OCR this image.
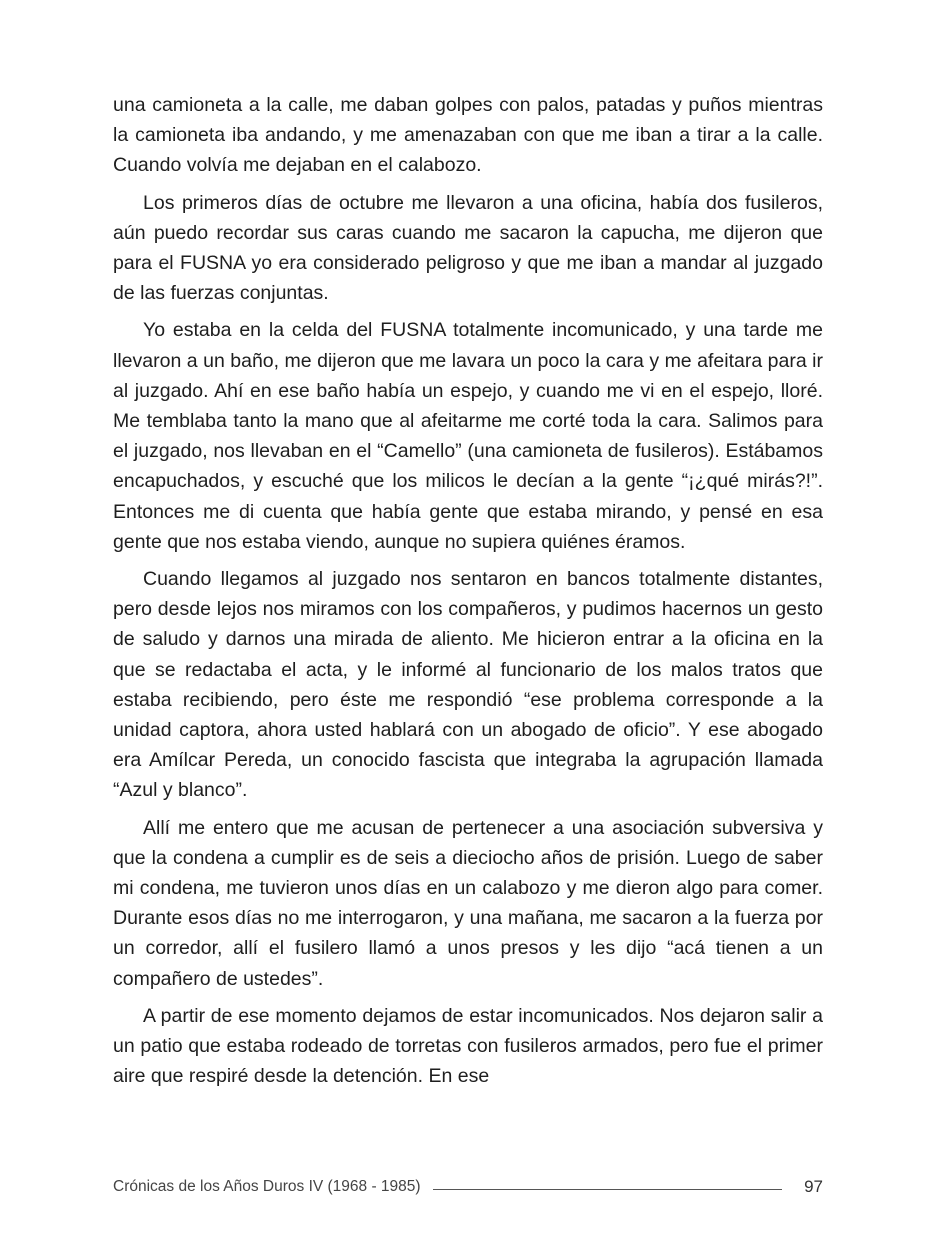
una camioneta a la calle, me daban golpes con palos, patadas y puños mientras la camioneta iba andando, y me amenazaban con que me iban a tirar a la calle. Cuando volvía me dejaban en el calabozo.

Los primeros días de octubre me llevaron a una oficina, había dos fusileros, aún puedo recordar sus caras cuando me sacaron la capucha, me dijeron que para el FUSNA yo era considerado peligroso y que me iban a mandar al juzgado de las fuerzas conjuntas.

Yo estaba en la celda del FUSNA totalmente incomunicado, y una tarde me llevaron a un baño, me dijeron que me lavara un poco la cara y me afeitara para ir al juzgado. Ahí en ese baño había un espejo, y cuando me vi en el espejo, lloré. Me temblaba tanto la mano que al afeitarme me corté toda la cara. Salimos para el juzgado, nos llevaban en el “Camello” (una camioneta de fusileros). Estábamos encapuchados, y escuché que los milicos le decían a la gente “¡¿qué mirás?!”. Entonces me di cuenta que había gente que estaba mirando, y pensé en esa gente que nos estaba viendo, aunque no supiera quiénes éramos.

Cuando llegamos al juzgado nos sentaron en bancos totalmente distantes, pero desde lejos nos miramos con los compañeros, y pudimos hacernos un gesto de saludo y darnos una mirada de aliento. Me hicieron entrar a la oficina en la que se redactaba el acta, y le informé al funcionario de los malos tratos que estaba recibiendo, pero éste me respondió “ese problema corresponde a la unidad captora, ahora usted hablará con un abogado de oficio”. Y ese abogado era Amílcar Pereda, un conocido fascista que integraba la agrupación llamada “Azul y blanco”.

Allí me entero que me acusan de pertenecer a una asociación subversiva y que la condena a cumplir es de seis a dieciocho años de prisión. Luego de saber mi condena, me tuvieron unos días en un calabozo y me dieron algo para comer. Durante esos días no me interrogaron, y una mañana, me sacaron a la fuerza por un corredor, allí el fusilero llamó a unos presos y les dijo “acá tienen a un compañero de ustedes”.

A partir de ese momento dejamos de estar incomunicados. Nos dejaron salir a un patio que estaba rodeado de torretas con fusileros armados, pero fue el primer aire que respiré desde la detención. En ese

Crónicas de los Años Duros IV (1968 - 1985)	97
